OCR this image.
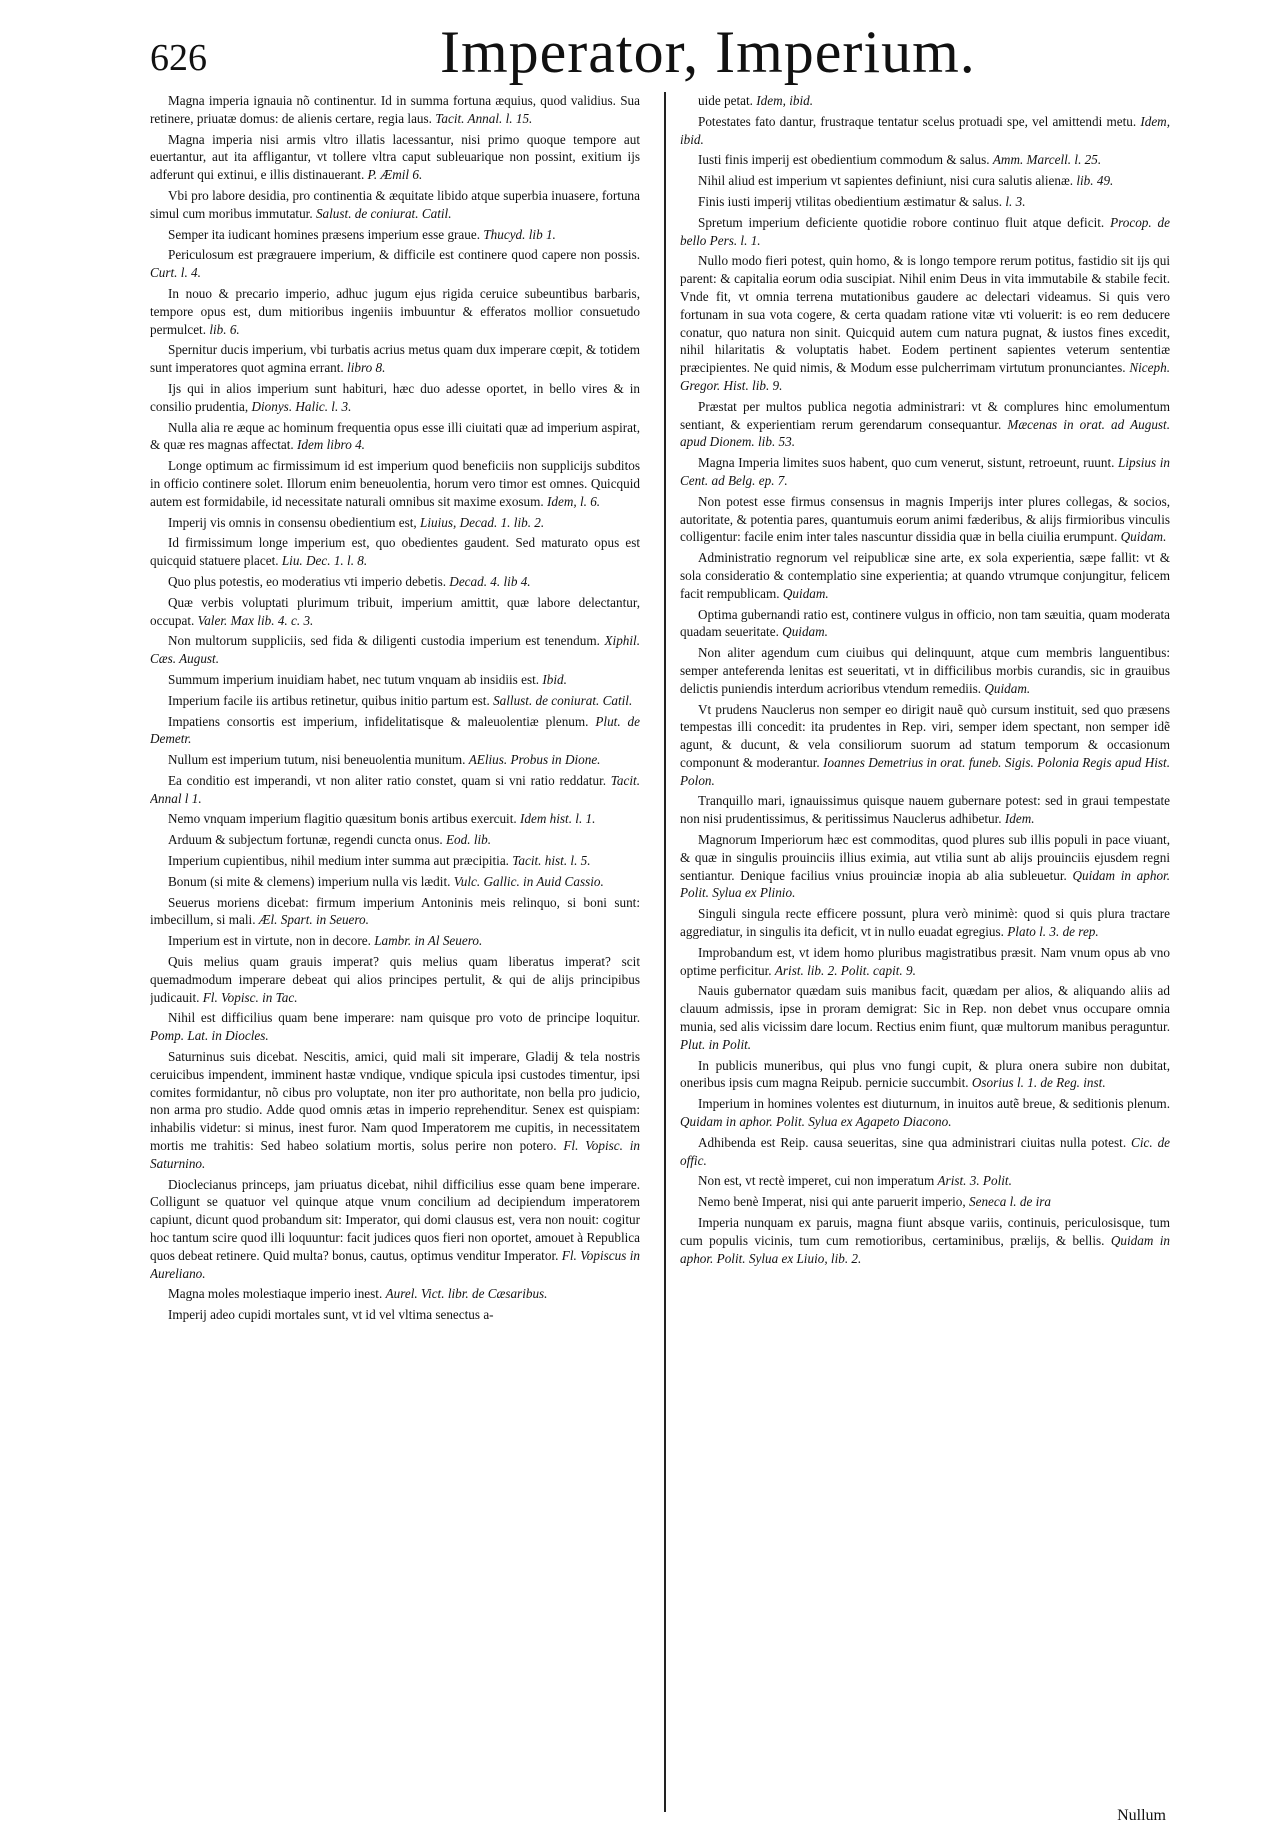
626	Imperator, Imperium.

Magna imperia ignauia nõ continentur. Id in summa fortuna æquius, quod validius. Sua retinere, priuatæ domus: de alienis certare, regia laus. Tacit. Annal. l. 15.

Magna imperia nisi armis vltro illatis lacessantur, nisi primo quoque tempore aut euertantur, aut ita affligantur, vt tollere vltra caput subleuarique non possint, exitium ijs adferunt qui extinui, e illis distinauerant. P. Æmil 6.

Vbi pro labore desidia, pro continentia & æquitate libido atque superbia inuasere, fortuna simul cum moribus immutatur. Salust. de coniurat. Catil.

Semper ita iudicant homines præsens imperium esse graue. Thucyd. lib 1.

Periculosum est prægrauere imperium, & difficile est continere quod capere non possis. Curt. l. 4.

In nouo & precario imperio, adhuc jugum ejus rigida ceruice subeuntibus barbaris, tempore opus est, dum mitioribus ingeniis imbuuntur & efferatos mollior consuetudo permulcet. lib. 6.

Spernitur ducis imperium, vbi turbatis acrius metus quam dux imperare cœpit, & totidem sunt imperatores quot agmina errant. libro 8.

Ijs qui in alios imperium sunt habituri, hæc duo adesse oportet, in bello vires & in consilio prudentia, Dionys. Halic. l. 3.

Nulla alia re æque ac hominum frequentia opus esse illi ciuitati quæ ad imperium aspirat, & quæ res magnas affectat. Idem libro 4.

Longe optimum ac firmissimum id est imperium quod beneficiis non supplicijs subditos in officio continere solet. Illorum enim beneuolentia, horum vero timor est omnes. Quicquid autem est formidabile, id necessitate naturali omnibus sit maxime exosum. Idem, l. 6.

Imperij vis omnis in consensu obedientium est, Liuius, Decad. 1. lib. 2.

Id firmissimum longe imperium est, quo obedientes gaudent. Sed maturato opus est quicquid statuere placet. Liu. Dec. 1. l. 8.

Quo plus potestis, eo moderatius vti imperio debetis. Decad. 4. lib 4.

Quæ verbis voluptati plurimum tribuit, imperium amittit, quæ labore delectantur, occupat. Valer. Max lib. 4. c. 3.

Non multorum suppliciis, sed fida & diligenti custodia imperium est tenendum. Xiphil. Cæs. August.

Summum imperium inuidiam habet, nec tutum vnquam ab insidiis est. Ibid.

Imperium facile iis artibus retinetur, quibus initio partum est. Sallust. de coniurat. Catil.

Impatiens consortis est imperium, infidelitatisque & maleuolentiæ plenum. Plut. de Demetr.

Nullum est imperium tutum, nisi beneuolentia munitum. AElius. Probus in Dione.

Ea conditio est imperandi, vt non aliter ratio constet, quam si vni ratio reddatur. Tacit. Annal l 1.

Nemo vnquam imperium flagitio quæsitum bonis artibus exercuit. Idem hist. l. 1.

Arduum & subjectum fortunæ, regendi cuncta onus. Eod. lib.

Imperium cupientibus, nihil medium inter summa aut præcipitia. Tacit. hist. l. 5.

Bonum (si mite & clemens) imperium nulla vis lædit. Vulc. Gallic. in Auid Cassio.

Seuerus moriens dicebat: firmum imperium Antoninis meis relinquo, si boni sunt: imbecillum, si mali. Æl. Spart. in Seuero.

Imperium est in virtute, non in decore. Lambr. in Al Seuero.

Quis melius quam grauis imperat? quis melius quam liberatus imperat? scit quemadmodum imperare debeat qui alios principes pertulit, & qui de alijs principibus judicauit. Fl. Vopisc. in Tac.

Nihil est difficilius quam bene imperare: nam quisque pro voto de principe loquitur. Pomp. Lat. in Diocles.

Saturninus suis dicebat. Nescitis, amici, quid mali sit imperare, Gladij & tela nostris ceruicibus impendent, imminent hastæ vndique, vndique spicula ipsi custodes timentur, ipsi comites formidantur, nõ cibus pro voluptate, non iter pro authoritate, non bella pro judicio, non arma pro studio. Adde quod omnis ætas in imperio reprehenditur. Senex est quispiam: inhabilis videtur: si minus, inest furor. Nam quod Imperatorem me cupitis, in necessitatem mortis me trahitis: Sed habeo solatium mortis, solus perire non potero. Fl. Vopisc. in Saturnino.

Dioclecianus princeps, jam priuatus dicebat, nihil difficilius esse quam bene imperare. Colligunt se quatuor vel quinque atque vnum concilium ad decipiendum imperatorem capiunt, dicunt quod probandum sit: Imperator, qui domi clausus est, vera non nouit: cogitur hoc tantum scire quod illi loquuntur: facit judices quos fieri non oportet, amouet à Republica quos debeat retinere. Quid multa? bonus, cautus, optimus venditur Imperator. Fl. Vopiscus in Aureliano.

Magna moles molestiaque imperio inest. Aurel. Vict. libr. de Cæsaribus.

Imperij adeo cupidi mortales sunt, vt id vel vltima senectus a-

uide petat. Idem, ibid.

Potestates fato dantur, frustraque tentatur scelus protuadi spe, vel amittendi metu. Idem, ibid.

Iusti finis imperij est obedientium commodum & salus. Amm. Marcell. l. 25.

Nihil aliud est imperium vt sapientes definiunt, nisi cura salutis alienæ. lib. 49.

Finis iusti imperij vtilitas obedientium æstimatur & salus. l. 3.

Spretum imperium deficiente quotidie robore continuo fluit atque deficit. Procop. de bello Pers. l. 1.

Nullo modo fieri potest, quin homo, & is longo tempore rerum potitus, fastidio sit ijs qui parent: & capitalia eorum odia suscipiat. Nihil enim Deus in vita immutabile & stabile fecit. Vnde fit, vt omnia terrena mutationibus gaudere ac delectari videamus. Si quis vero fortunam in sua vota cogere, & certa quadam ratione vitæ vti voluerit: is eo rem deducere conatur, quo natura non sinit. Quicquid autem cum natura pugnat, & iustos fines excedit, nihil hilaritatis & voluptatis habet. Eodem pertinent sapientes veterum sententiæ præcipientes. Ne quid nimis, & Modum esse pulcherrimam virtutum pronunciantes. Niceph. Gregor. Hist. lib. 9.

Præstat per multos publica negotia administrari: vt & complures hinc emolumentum sentiant, & experientiam rerum gerendarum consequantur. Mæcenas in orat. ad August. apud Dionem. lib. 53.

Magna Imperia limites suos habent, quo cum venerut, sistunt, retroeunt, ruunt. Lipsius in Cent. ad Belg. ep. 7.

Non potest esse firmus consensus in magnis Imperijs inter plures collegas, & socios, autoritate, & potentia pares, quantumuis eorum animi fæderibus, & alijs firmioribus vinculis colligentur: facile enim inter tales nascuntur dissidia quæ in bella ciuilia erumpunt. Quidam.

Administratio regnorum vel reipublicæ sine arte, ex sola experientia, sæpe fallit: vt & sola consideratio & contemplatio sine experientia; at quando vtrumque conjungitur, felicem facit rempublicam. Quidam.

Optima gubernandi ratio est, continere vulgus in officio, non tam sæuitia, quam moderata quadam seueritate. Quidam.

Non aliter agendum cum ciuibus qui delinquunt, atque cum membris languentibus: semper anteferenda lenitas est seueritati, vt in difficilibus morbis curandis, sic in grauibus delictis puniendis interdum acrioribus vtendum remediis. Quidam.

Vt prudens Nauclerus non semper eo dirigit nauẽ quò cursum instituit, sed quo præsens tempestas illi concedit: ita prudentes in Rep. viri, semper idem spectant, non semper idẽ agunt, & ducunt, & vela consiliorum suorum ad statum temporum & occasionum componunt & moderantur. Ioannes Demetrius in orat. funeb. Sigis. Polonia Regis apud Hist. Polon.

Tranquillo mari, ignauissimus quisque nauem gubernare potest: sed in graui tempestate non nisi prudentissimus, & peritissimus Nauclerus adhibetur. Idem.

Magnorum Imperiorum hæc est commoditas, quod plures sub illis populi in pace viuant, & quæ in singulis prouinciis illius eximia, aut vtilia sunt ab alijs prouinciis ejusdem regni sentiantur. Denique facilius vnius prouinciæ inopia ab alia subleuetur. Quidam in aphor. Polit. Sylua ex Plinio.

Singuli singula recte efficere possunt, plura verò minimè: quod si quis plura tractare aggrediatur, in singulis ita deficit, vt in nullo euadat egregius. Plato l. 3. de rep.

Improbandum est, vt idem homo pluribus magistratibus præsit. Nam vnum opus ab vno optime perficitur. Arist. lib. 2. Polit. capit. 9.

Nauis gubernator quædam suis manibus facit, quædam per alios, & aliquando aliis ad clauum admissis, ipse in proram demigrat: Sic in Rep. non debet vnus occupare omnia munia, sed alis vicissim dare locum. Rectius enim fiunt, quæ multorum manibus peraguntur. Plut. in Polit.

In publicis muneribus, qui plus vno fungi cupit, & plura onera subire non dubitat, oneribus ipsis cum magna Reipub. pernicie succumbit. Osorius l. 1. de Reg. inst.

Imperium in homines volentes est diuturnum, in inuitos autẽ breue, & seditionis plenum. Quidam in aphor. Polit. Sylua ex Agapeto Diacono.

Adhibenda est Reip. causa seueritas, sine qua administrari ciuitas nulla potest. Cic. de offic.

Non est, vt rectè imperet, cui non imperatum Arist. 3. Polit.

Nemo benè Imperat, nisi qui ante paruerit imperio, Seneca l. de ira

Imperia nunquam ex paruis, magna fiunt absque variis, continuis, periculosisque, tum cum populis vicinis, tum cum remotioribus, certaminibus, prælijs, & bellis. Quidam in aphor. Polit. Sylua ex Liuio, lib. 2.

Nullum
